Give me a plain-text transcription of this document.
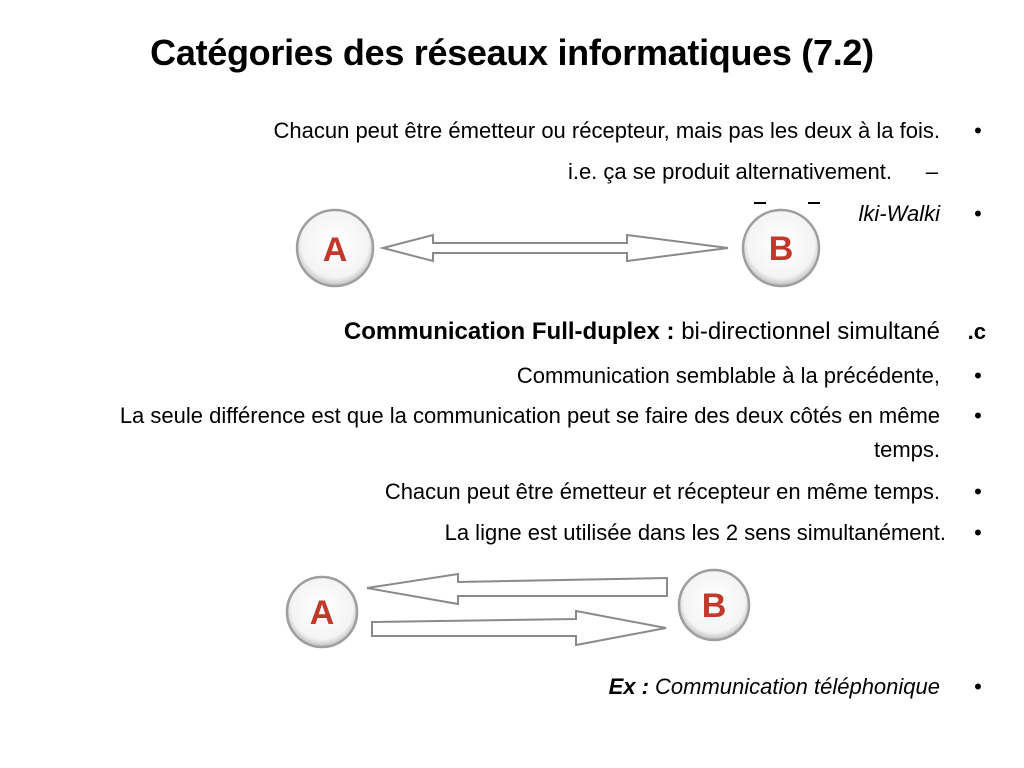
Catégories des réseaux informatiques (7.2)
Chacun peut être émetteur ou récepteur, mais pas les deux à la fois. •
i.e. ça se produit alternativement. –
lki-Walki •
Communication Full-duplex : bi-directionnel simultané .c
Communication semblable à la précédente, •
La seule différence est que la communication peut se faire des deux côtés en même temps.
•
Chacun peut être émetteur et récepteur en même temps. •
La ligne est utilisée dans les 2 sens simultanément. •
Ex : Communication téléphonique •
A	B
A	B
